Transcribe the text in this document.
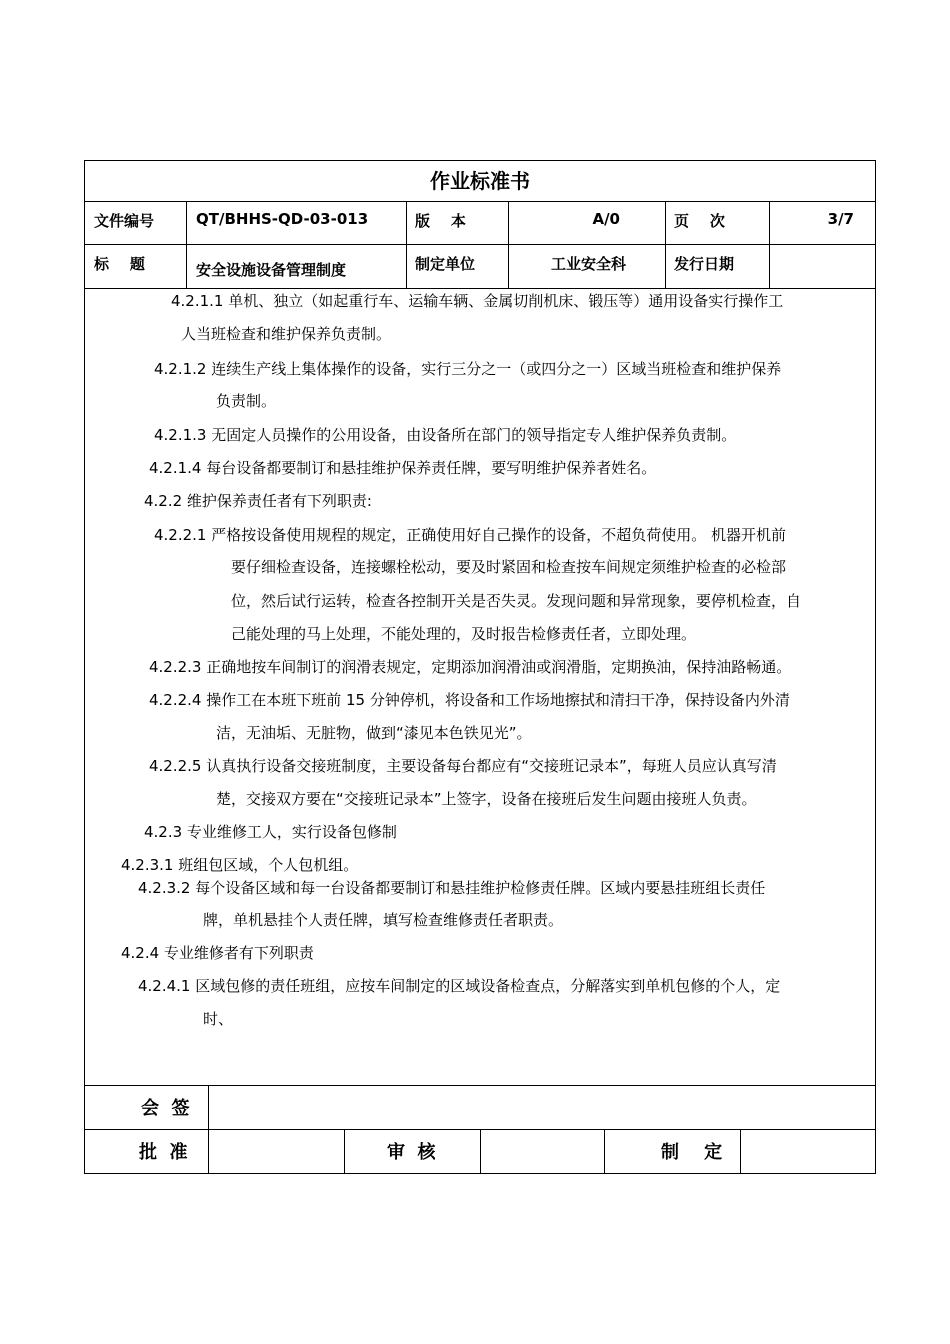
作业标准书
文件编号	QT/BHHS-QD-03-013	版    本	A/0	页    次	3/7
标    题	安全设施设备管理制度	制定单位	工业安全科	发行日期
4.2.1.1 单机、独立（如起重行车、运输车辆、金属切削机床、锻压等）通用设备实行操作工
人当班检查和维护保养负责制。
4.2.1.2 连续生产线上集体操作的设备，实行三分之一（或四分之一）区域当班检查和维护保养
负责制。
4.2.1.3 无固定人员操作的公用设备，由设备所在部门的领导指定专人维护保养负责制。
4.2.1.4 每台设备都要制订和悬挂维护保养责任牌，要写明维护保养者姓名。
4.2.2 维护保养责任者有下列职责:
4.2.2.1 严格按设备使用规程的规定，正确使用好自己操作的设备，不超负荷使用。 机器开机前
要仔细检查设备，连接螺栓松动，要及时紧固和检查按车间规定须维护检查的必检部
位，然后试行运转，检查各控制开关是否失灵。发现问题和异常现象，要停机检查，自
己能处理的马上处理，不能处理的，及时报告检修责任者，立即处理。
4.2.2.3 正确地按车间制订的润滑表规定，定期添加润滑油或润滑脂，定期换油，保持油路畅通。
4.2.2.4 操作工在本班下班前 15 分钟停机，将设备和工作场地擦拭和清扫干净，保持设备内外清
洁，无油垢、无脏物，做到“漆见本色铁见光”。
4.2.2.5 认真执行设备交接班制度，主要设备每台都应有“交接班记录本”，每班人员应认真写清
楚，交接双方要在“交接班记录本”上签字，设备在接班后发生问题由接班人负责。
4.2.3 专业维修工人，实行设备包修制
4.2.3.1 班组包区域，个人包机组。
4.2.3.2 每个设备区域和每一台设备都要制订和悬挂维护检修责任牌。区域内要悬挂班组长责任
牌，单机悬挂个人责任牌，填写检查维修责任者职责。
4.2.4 专业维修者有下列职责
4.2.4.1 区域包修的责任班组，应按车间制定的区域设备检查点，分解落实到单机包修的个人，定
时、
会  签
批  准	审  核	制    定
